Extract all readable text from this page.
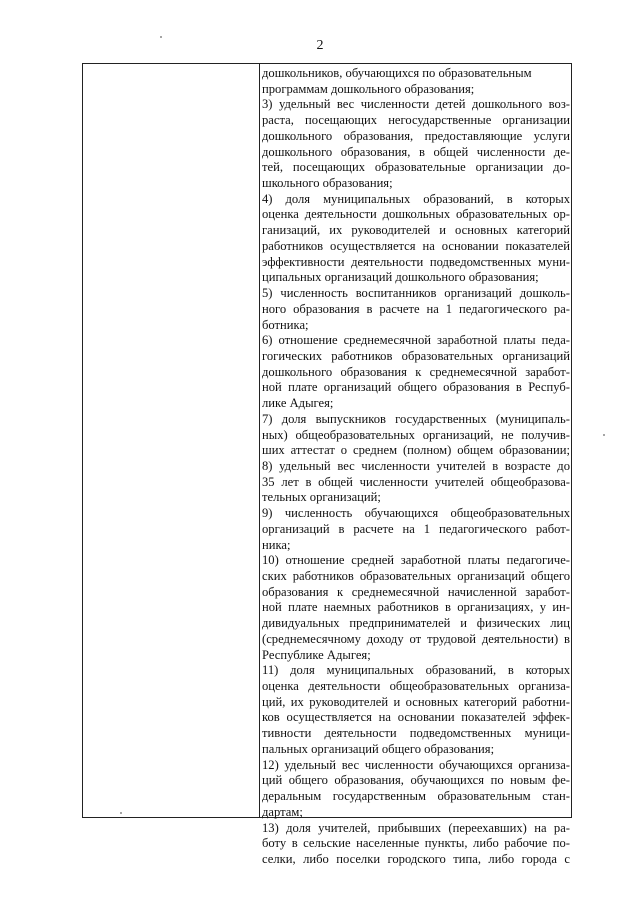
2
дошкольников, обучающихся по образовательным
программам дошкольного образования;
3) удельный вес численности детей дошкольного воз-
раста, посещающих негосударственные организации
дошкольного образования, предоставляющие услуги
дошкольного образования, в общей численности де-
тей, посещающих образовательные организации до-
школьного образования;
4) доля муниципальных образований, в которых
оценка деятельности дошкольных образовательных ор-
ганизаций, их руководителей и основных категорий
работников осуществляется на основании показателей
эффективности деятельности подведомственных муни-
ципальных организаций дошкольного образования;
5) численность воспитанников организаций дошколь-
ного образования в расчете на 1 педагогического ра-
ботника;
6) отношение среднемесячной заработной платы педа-
гогических работников образовательных организаций
дошкольного образования к среднемесячной заработ-
ной плате организаций общего образования в Респуб-
лике Адыгея;
7) доля выпускников государственных (муниципаль-
ных) общеобразовательных организаций, не получив-
ших аттестат о среднем (полном) общем образовании;
8) удельный вес численности учителей в возрасте до
35 лет в общей численности учителей общеобразова-
тельных организаций;
9) численность обучающихся общеобразовательных
организаций в расчете на 1 педагогического работ-
ника;
10) отношение средней заработной платы педагогиче-
ских работников образовательных организаций общего
образования к среднемесячной начисленной заработ-
ной плате наемных работников в организациях, у ин-
дивидуальных предпринимателей и физических лиц
(среднемесячному доходу от трудовой деятельности) в
Республике Адыгея;
11) доля муниципальных образований, в которых
оценка деятельности общеобразовательных организа-
ций, их руководителей и основных категорий работни-
ков осуществляется на основании показателей эффек-
тивности деятельности подведомственных муници-
пальных организаций общего образования;
12) удельный вес численности обучающихся организа-
ций общего образования, обучающихся по новым фе-
деральным государственным образовательным стан-
дартам;
13) доля учителей, прибывших (переехавших) на ра-
боту в сельские населенные пункты, либо рабочие по-
селки, либо поселки городского типа, либо города с
